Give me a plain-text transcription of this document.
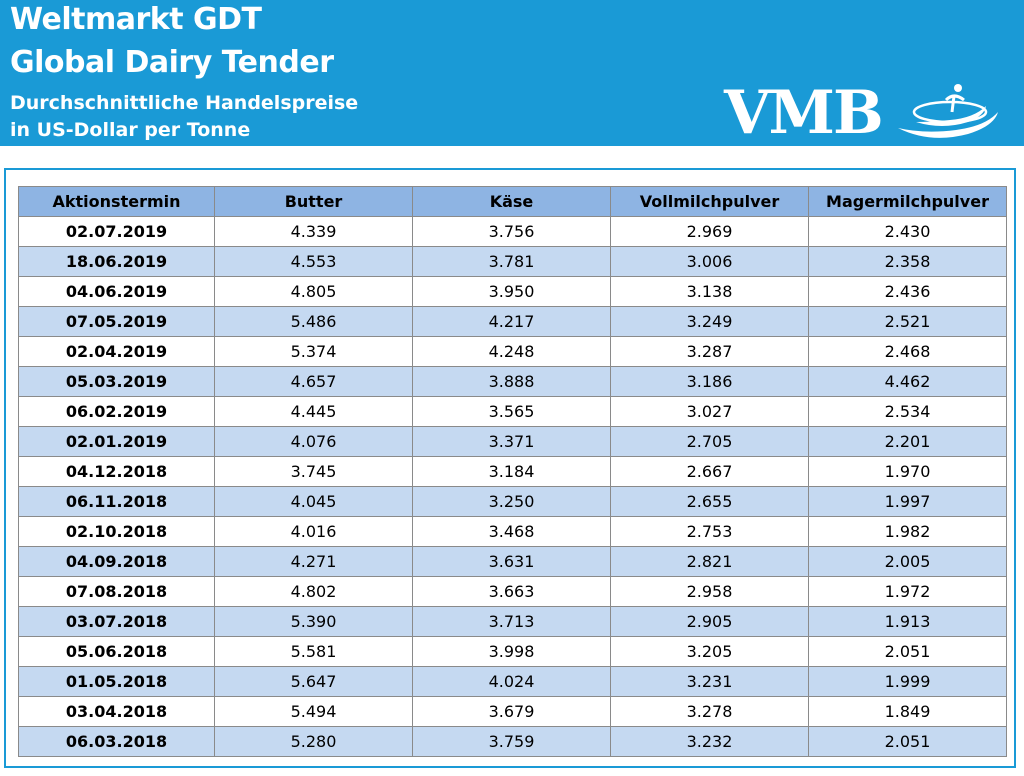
Weltmarkt GDT
Global Dairy Tender
Durchschnittliche Handelspreise
in US-Dollar per Tonne	VMB
Aktionstermin	Butter	Käse	Vollmilchpulver	Magermilchpulver
02.07.2019	4.339	3.756	2.969	2.430
18.06.2019	4.553	3.781	3.006	2.358
04.06.2019	4.805	3.950	3.138	2.436
07.05.2019	5.486	4.217	3.249	2.521
02.04.2019	5.374	4.248	3.287	2.468
05.03.2019	4.657	3.888	3.186	4.462
06.02.2019	4.445	3.565	3.027	2.534
02.01.2019	4.076	3.371	2.705	2.201
04.12.2018	3.745	3.184	2.667	1.970
06.11.2018	4.045	3.250	2.655	1.997
02.10.2018	4.016	3.468	2.753	1.982
04.09.2018	4.271	3.631	2.821	2.005
07.08.2018	4.802	3.663	2.958	1.972
03.07.2018	5.390	3.713	2.905	1.913
05.06.2018	5.581	3.998	3.205	2.051
01.05.2018	5.647	4.024	3.231	1.999
03.04.2018	5.494	3.679	3.278	1.849
06.03.2018	5.280	3.759	3.232	2.051
